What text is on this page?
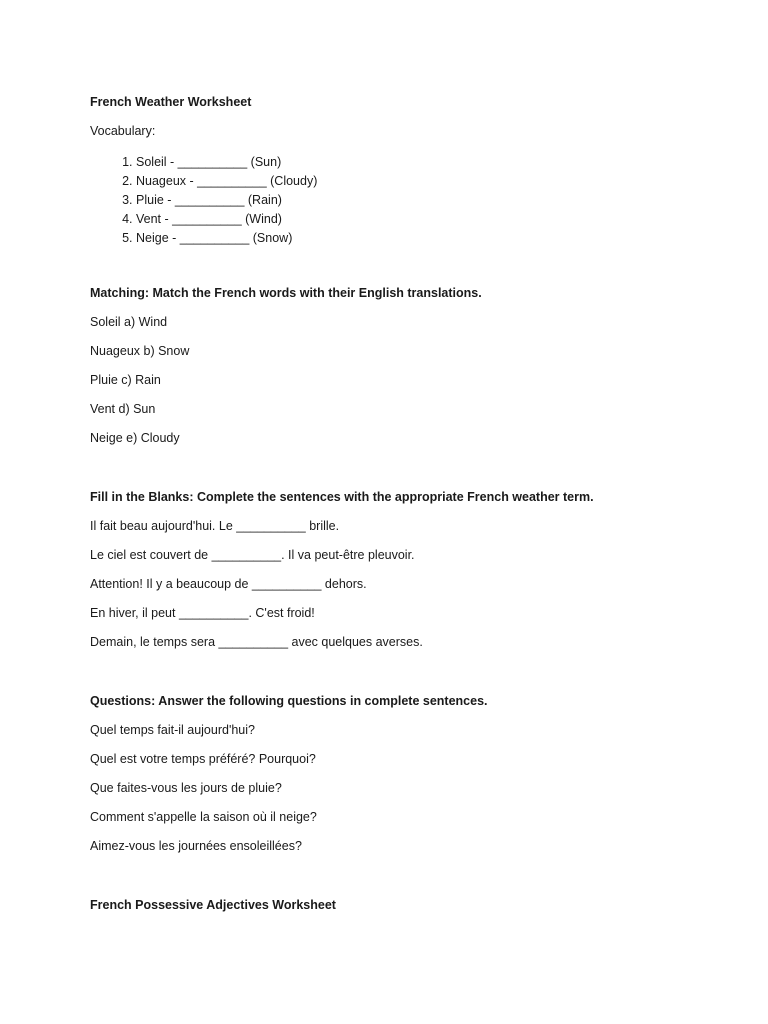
French Weather Worksheet

Vocabulary:

1. Soleil - __________ (Sun)
2. Nuageux - __________ (Cloudy)
3. Pluie - __________ (Rain)
4. Vent - __________ (Wind)
5. Neige - __________ (Snow)

Matching: Match the French words with their English translations.

Soleil a) Wind

Nuageux b) Snow

Pluie c) Rain

Vent d) Sun

Neige e) Cloudy

Fill in the Blanks: Complete the sentences with the appropriate French weather term.

Il fait beau aujourd'hui. Le __________ brille.

Le ciel est couvert de __________. Il va peut-être pleuvoir.

Attention! Il y a beaucoup de __________ dehors.

En hiver, il peut __________. C'est froid!

Demain, le temps sera __________ avec quelques averses.

Questions: Answer the following questions in complete sentences.

Quel temps fait-il aujourd'hui?

Quel est votre temps préféré? Pourquoi?

Que faites-vous les jours de pluie?

Comment s'appelle la saison où il neige?

Aimez-vous les journées ensoleillées?

French Possessive Adjectives Worksheet
